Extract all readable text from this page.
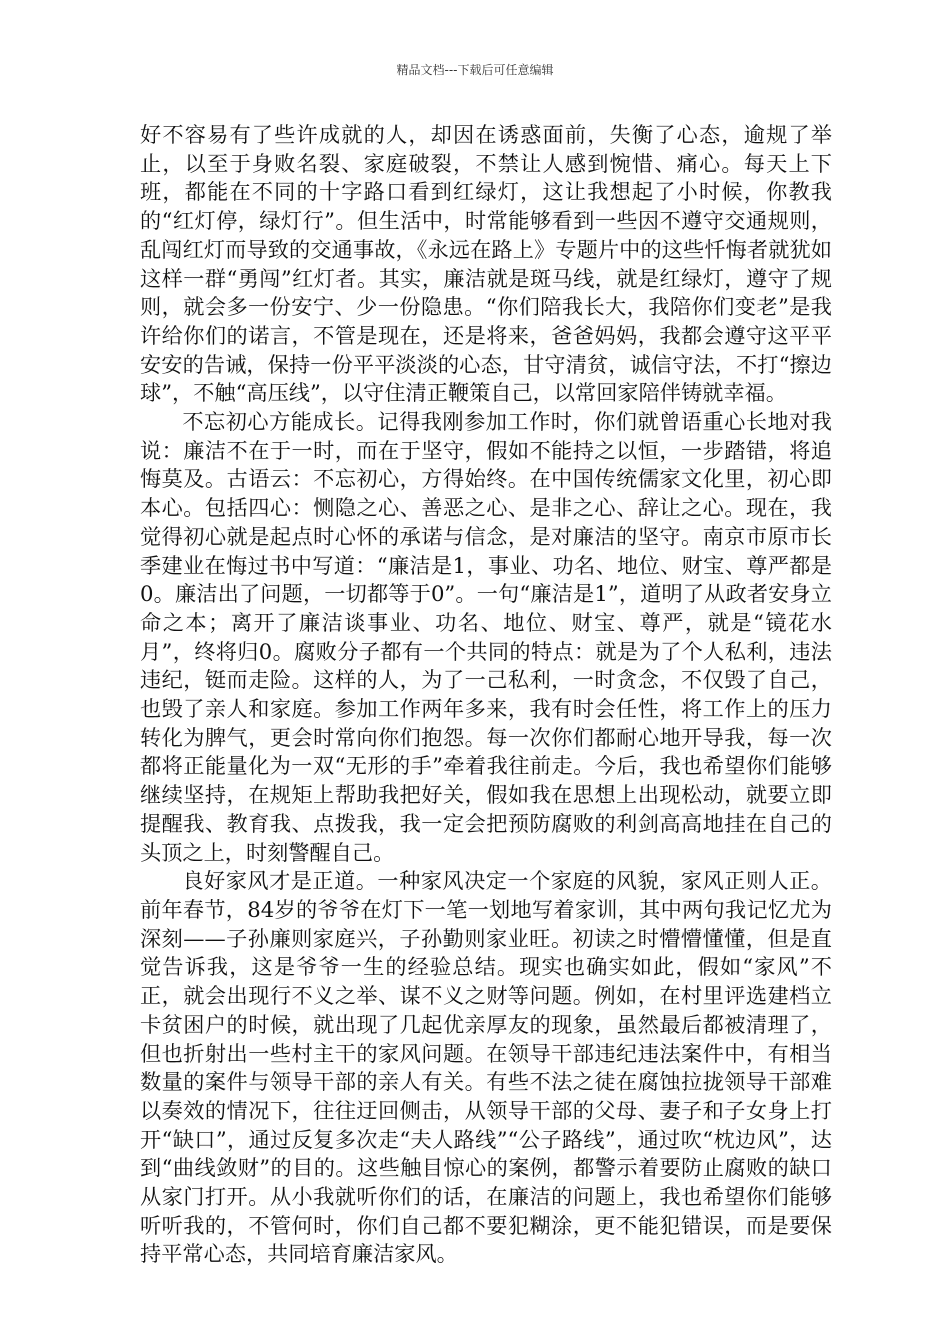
精品文档---下载后可任意编辑

好不容易有了些许成就的人，却因在诱惑面前，失衡了心态，逾规了举止，以至于身败名裂、家庭破裂，不禁让人感到惋惜、痛心。每天上下班，都能在不同的十字路口看到红绿灯，这让我想起了小时候，你教我的“红灯停，绿灯行”。但生活中，时常能够看到一些因不遵守交通规则，乱闯红灯而导致的交通事故，《永远在路上》专题片中的这些忏悔者就犹如这样一群“勇闯”红灯者。其实，廉洁就是斑马线，就是红绿灯，遵守了规则，就会多一份安宁、少一份隐患。“你们陪我长大，我陪你们变老”是我许给你们的诺言，不管是现在，还是将来，爸爸妈妈，我都会遵守这平平安安的告诫，保持一份平平淡淡的心态，甘守清贫，诚信守法，不打“擦边球”，不触“高压线”，以守住清正鞭策自己，以常回家陪伴铸就幸福。

不忘初心方能成长。记得我刚参加工作时，你们就曾语重心长地对我说：廉洁不在于一时，而在于坚守，假如不能持之以恒，一步踏错，将追悔莫及。古语云：不忘初心，方得始终。在中国传统儒家文化里，初心即本心。包括四心：恻隐之心、善恶之心、是非之心、辞让之心。现在，我觉得初心就是起点时心怀的承诺与信念，是对廉洁的坚守。南京市原市长季建业在悔过书中写道：“廉洁是1，事业、功名、地位、财宝、尊严都是0。廉洁出了问题，一切都等于0”。一句“廉洁是1”，道明了从政者安身立命之本；离开了廉洁谈事业、功名、地位、财宝、尊严，就是“镜花水月”，终将归0。腐败分子都有一个共同的特点：就是为了个人私利，违法违纪，铤而走险。这样的人，为了一己私利，一时贪念，不仅毁了自己，也毁了亲人和家庭。参加工作两年多来，我有时会任性，将工作上的压力转化为脾气，更会时常向你们抱怨。每一次你们都耐心地开导我，每一次都将正能量化为一双“无形的手”牵着我往前走。今后，我也希望你们能够继续坚持，在规矩上帮助我把好关，假如我在思想上出现松动，就要立即提醒我、教育我、点拨我，我一定会把预防腐败的利剑高高地挂在自己的头顶之上，时刻警醒自己。

良好家风才是正道。一种家风决定一个家庭的风貌，家风正则人正。前年春节，84岁的爷爷在灯下一笔一划地写着家训，其中两句我记忆尤为深刻——子孙廉则家庭兴，子孙勤则家业旺。初读之时懵懵懂懂，但是直觉告诉我，这是爷爷一生的经验总结。现实也确实如此，假如“家风”不正，就会出现行不义之举、谋不义之财等问题。例如，在村里评选建档立卡贫困户的时候，就出现了几起优亲厚友的现象，虽然最后都被清理了，但也折射出一些村主干的家风问题。在领导干部违纪违法案件中，有相当数量的案件与领导干部的亲人有关。有些不法之徒在腐蚀拉拢领导干部难以奏效的情况下，往往迂回侧击，从领导干部的父母、妻子和子女身上打开“缺口”，通过反复多次走“夫人路线”“公子路线”，通过吹“枕边风”，达到“曲线敛财”的目的。这些触目惊心的案例，都警示着要防止腐败的缺口从家门打开。从小我就听你们的话，在廉洁的问题上，我也希望你们能够听听我的，不管何时，你们自己都不要犯糊涂，更不能犯错误，而是要保持平常心态，共同培育廉洁家风。
